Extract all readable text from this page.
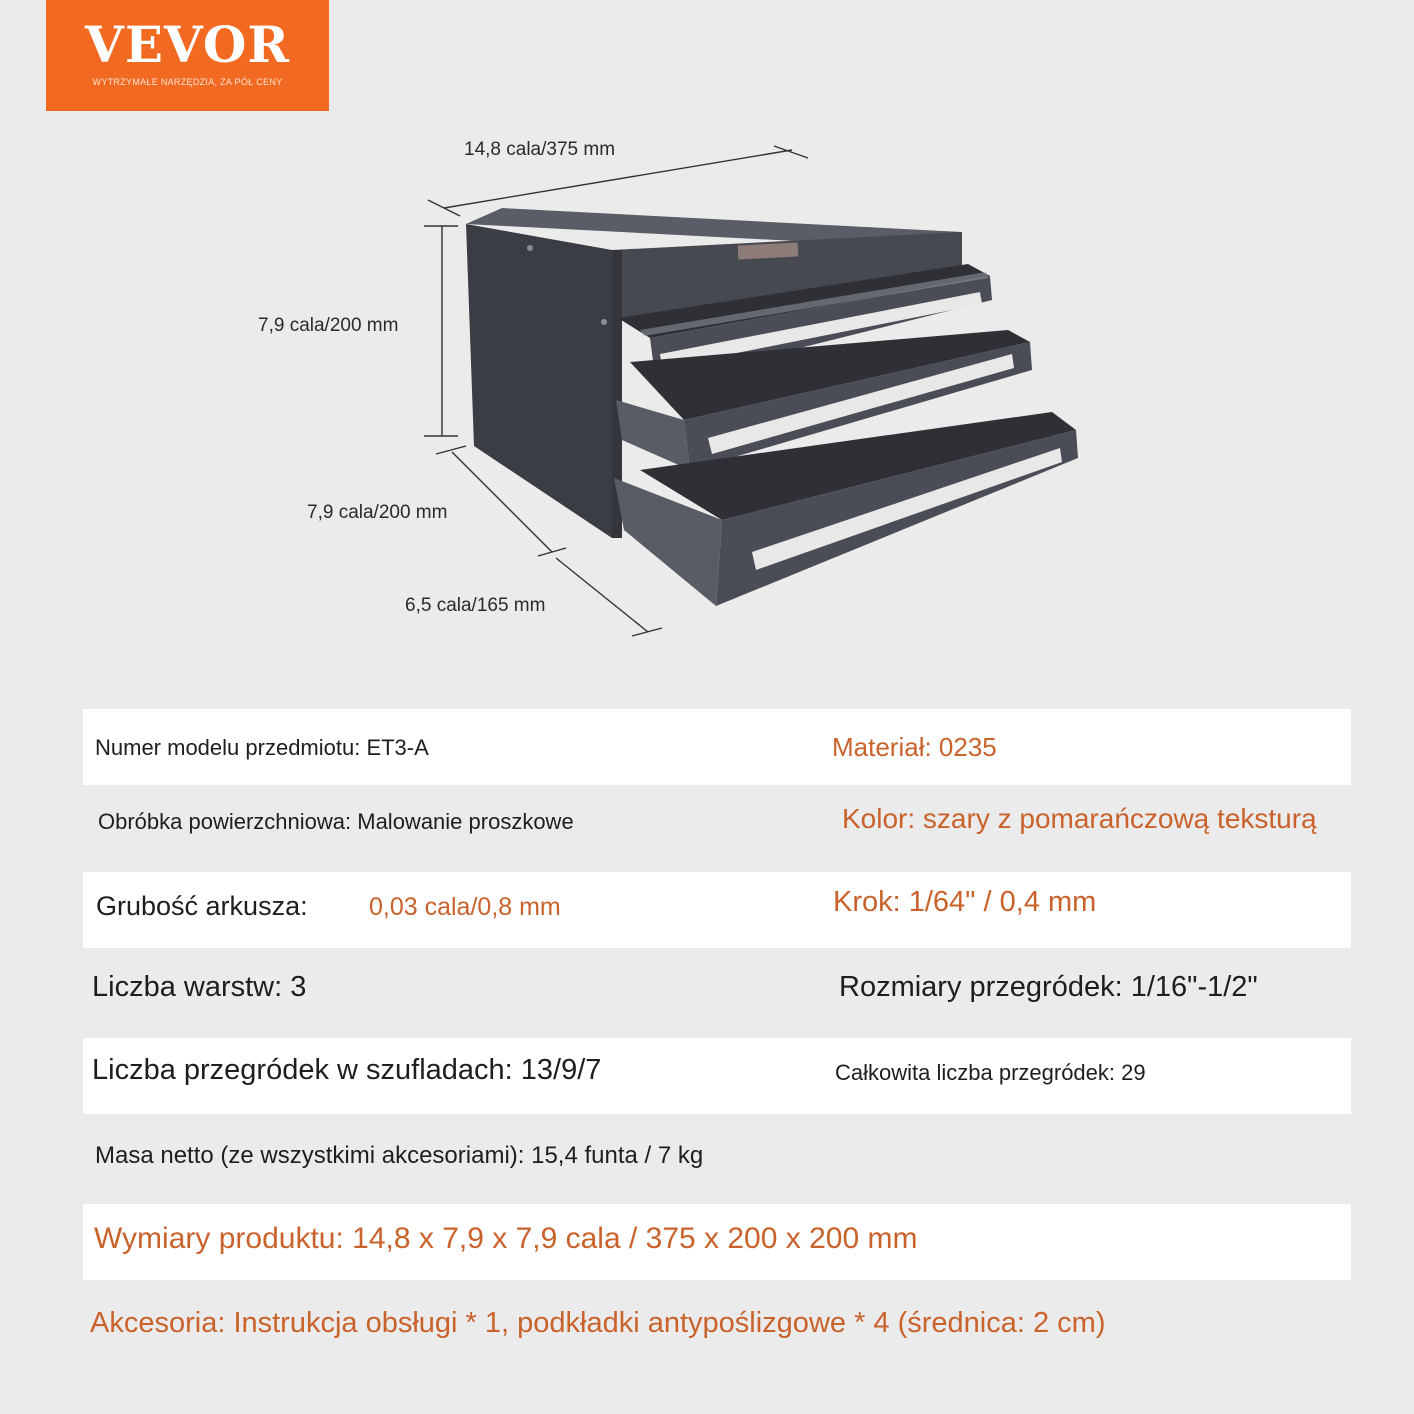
VEVOR
WYTRZYMAŁE NARZĘDZIA, ZA PÓŁ CENY
14,8 cala/375 mm
7,9 cala/200 mm
7,9 cala/200 mm
6,5 cala/165 mm
Numer modelu przedmiotu: ET3-A	Materiał: 0235
Obróbka powierzchniowa: Malowanie proszkowe	Kolor: szary z pomarańczową teksturą
Grubość arkusza: 0,03 cala/0,8 mm	Krok: 1/64" / 0,4 mm
Liczba warstw: 3	Rozmiary przegródek: 1/16"-1/2"
Liczba przegródek w szufladach: 13/9/7	Całkowita liczba przegródek: 29
Masa netto (ze wszystkimi akcesoriami): 15,4 funta / 7 kg
Wymiary produktu: 14,8 x 7,9 x 7,9 cala / 375 x 200 x 200 mm
Akcesoria: Instrukcja obsługi * 1, podkładki antypoślizgowe * 4 (średnica: 2 cm)
